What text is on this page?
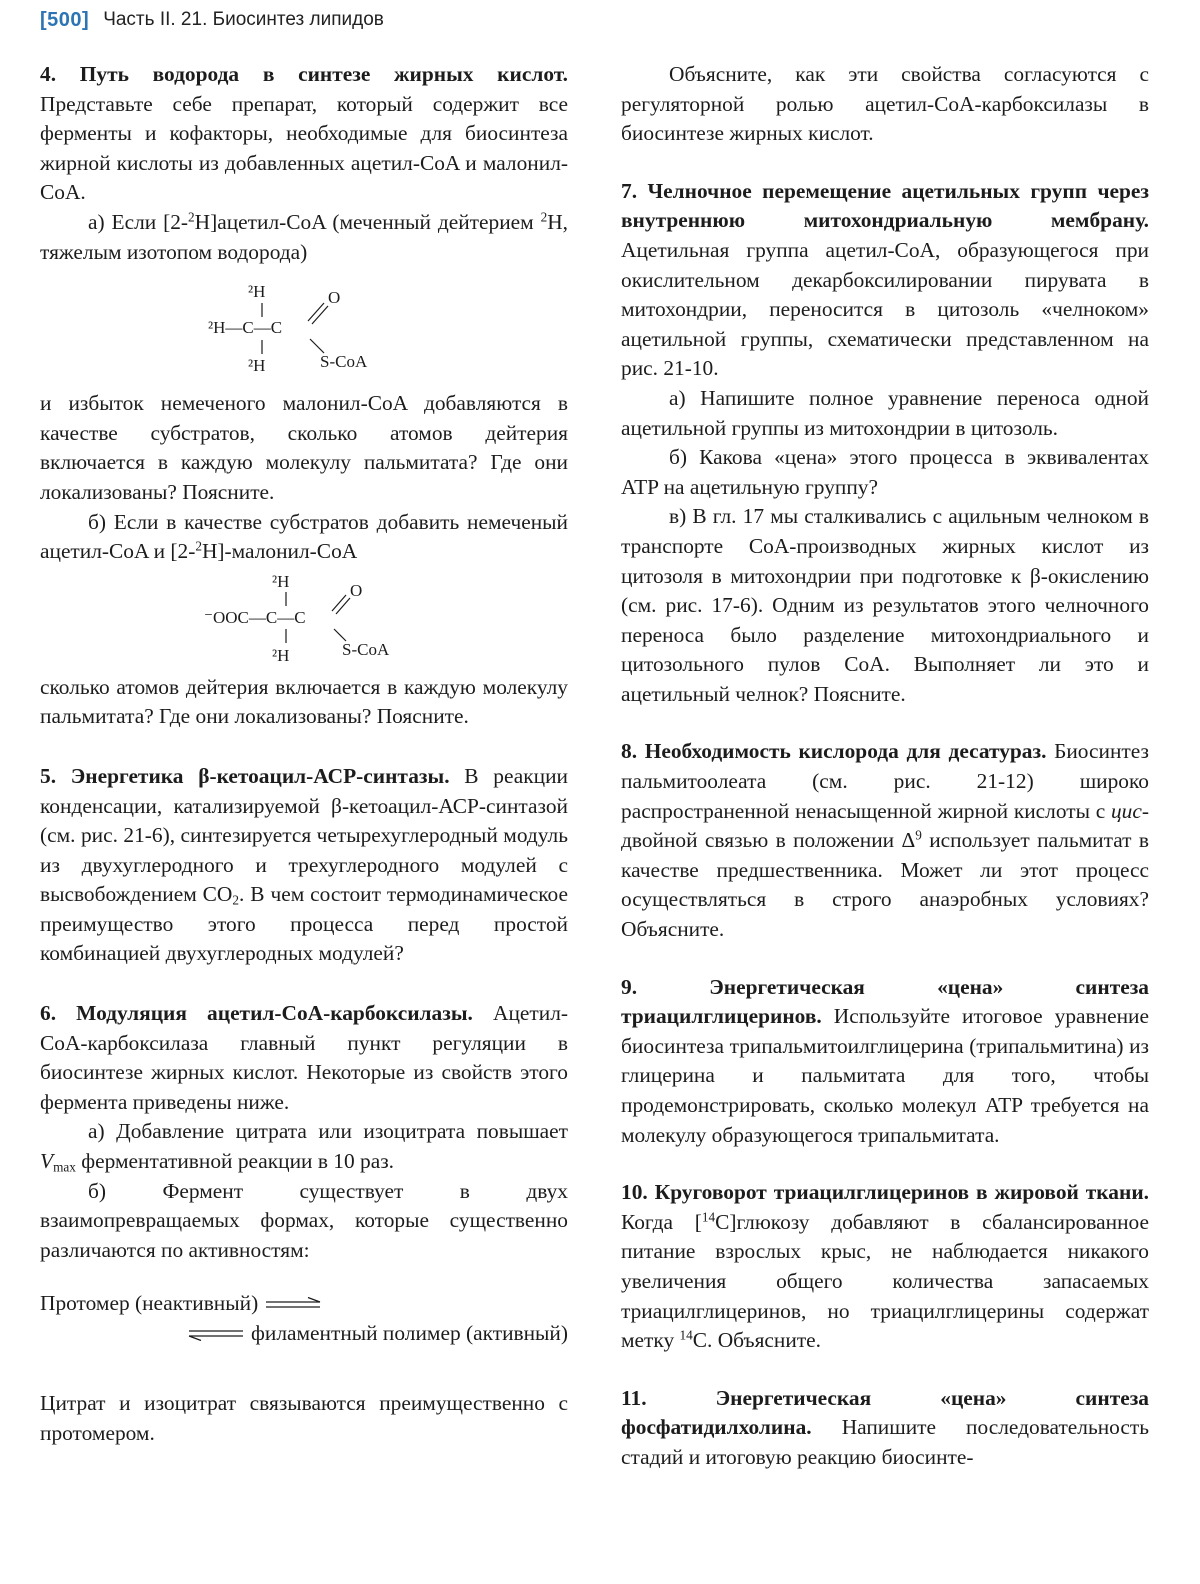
[500] Часть II. 21. Биосинтез липидов

4. Путь водорода в синтезе жирных кислот. Представьте себе препарат, который содержит все ферменты и кофакторы, необходимые для биосинтеза жирной кислоты из добавленных ацетил-CoA и малонил-CoA.

а) Если [2-$^2$H]ацетил-CoA (меченный дейтерием $^2$H, тяжелым изотопом водорода)

²H
²H—C—C
²H
O
S-CoA

и избыток немеченого малонил-CoA добавляются в качестве субстратов, сколько атомов дейтерия включается в каждую молекулу пальмитата? Где они локализованы? Поясните.

б) Если в качестве субстратов добавить немеченый ацетил-CoA и [2-$^2$H]-малонил-CoA

²H
⁻OOC—C—C
²H
O
S-CoA

сколько атомов дейтерия включается в каждую молекулу пальмитата? Где они локализованы? Поясните.

5. Энергетика β-кетоацил-АСР-синтазы. В реакции конденсации, катализируемой β-кетоацил-АСР-синтазой (см. рис. 21-6), синтезируется четырехуглеродный модуль из двухуглеродного и трехуглеродного модулей с высвобождением $CO_2$. В чем состоит термодинамическое преимущество этого процесса перед простой комбинацией двухуглеродных модулей?

6. Модуляция ацетил-CoA-карбоксилазы. Ацетил-CoA-карбоксилаза главный пункт регуляции в биосинтезе жирных кислот. Некоторые из свойств этого фермента приведены ниже.

а) Добавление цитрата или изоцитрата повышает $V_{max}$ ферментативной реакции в 10 раз.

б) Фермент существует в двух взаимопревращаемых формах, которые существенно различаются по активностям:

Протомер (неактивный)
филаментный полимер (активный)

Цитрат и изоцитрат связываются преимущественно с протомером.

Объясните, как эти свойства согласуются с регуляторной ролью ацетил-CoA-карбоксилазы в биосинтезе жирных кислот.

7. Челночное перемещение ацетильных групп через внутреннюю митохондриальную мембрану. Ацетильная группа ацетил-CoA, образующегося при окислительном декарбоксилировании пирувата в митохондрии, переносится в цитозоль «челноком» ацетильной группы, схематически представленном на рис. 21-10.

а) Напишите полное уравнение переноса одной ацетильной группы из митохондрии в цитозоль.

б) Какова «цена» этого процесса в эквивалентах ATP на ацетильную группу?

в) В гл. 17 мы сталкивались с ацильным челноком в транспорте CoA-производных жирных кислот из цитозоля в митохондрии при подготовке к β-окислению (см. рис. 17-6). Одним из результатов этого челночного переноса было разделение митохондриального и цитозольного пулов CoA. Выполняет ли это и ацетильный челнок? Поясните.

8. Необходимость кислорода для десатураз. Биосинтез пальмитоолеата (см. рис. 21-12) широко распространенной ненасыщенной жирной кислоты с цис-двойной связью в положении $\Delta^9$ использует пальмитат в качестве предшественника. Может ли этот процесс осуществляться в строго анаэробных условиях? Объясните.

9. Энергетическая «цена» синтеза триацилглицеринов. Используйте итоговое уравнение биосинтеза трипальмитоилглицерина (трипальмитина) из глицерина и пальмитата для того, чтобы продемонстрировать, сколько молекул ATP требуется на молекулу образующегося трипальмитата.

10. Круговорот триацилглицеринов в жировой ткани. Когда [$^{14}$C]глюкозу добавляют в сбалансированное питание взрослых крыс, не наблюдается никакого увеличения общего количества запасаемых триацилглицеринов, но триацилглицерины содержат метку $^{14}$C. Объясните.

11. Энергетическая «цена» синтеза фосфатидилхолина. Напишите последовательность стадий и итоговую реакцию биосинте-
